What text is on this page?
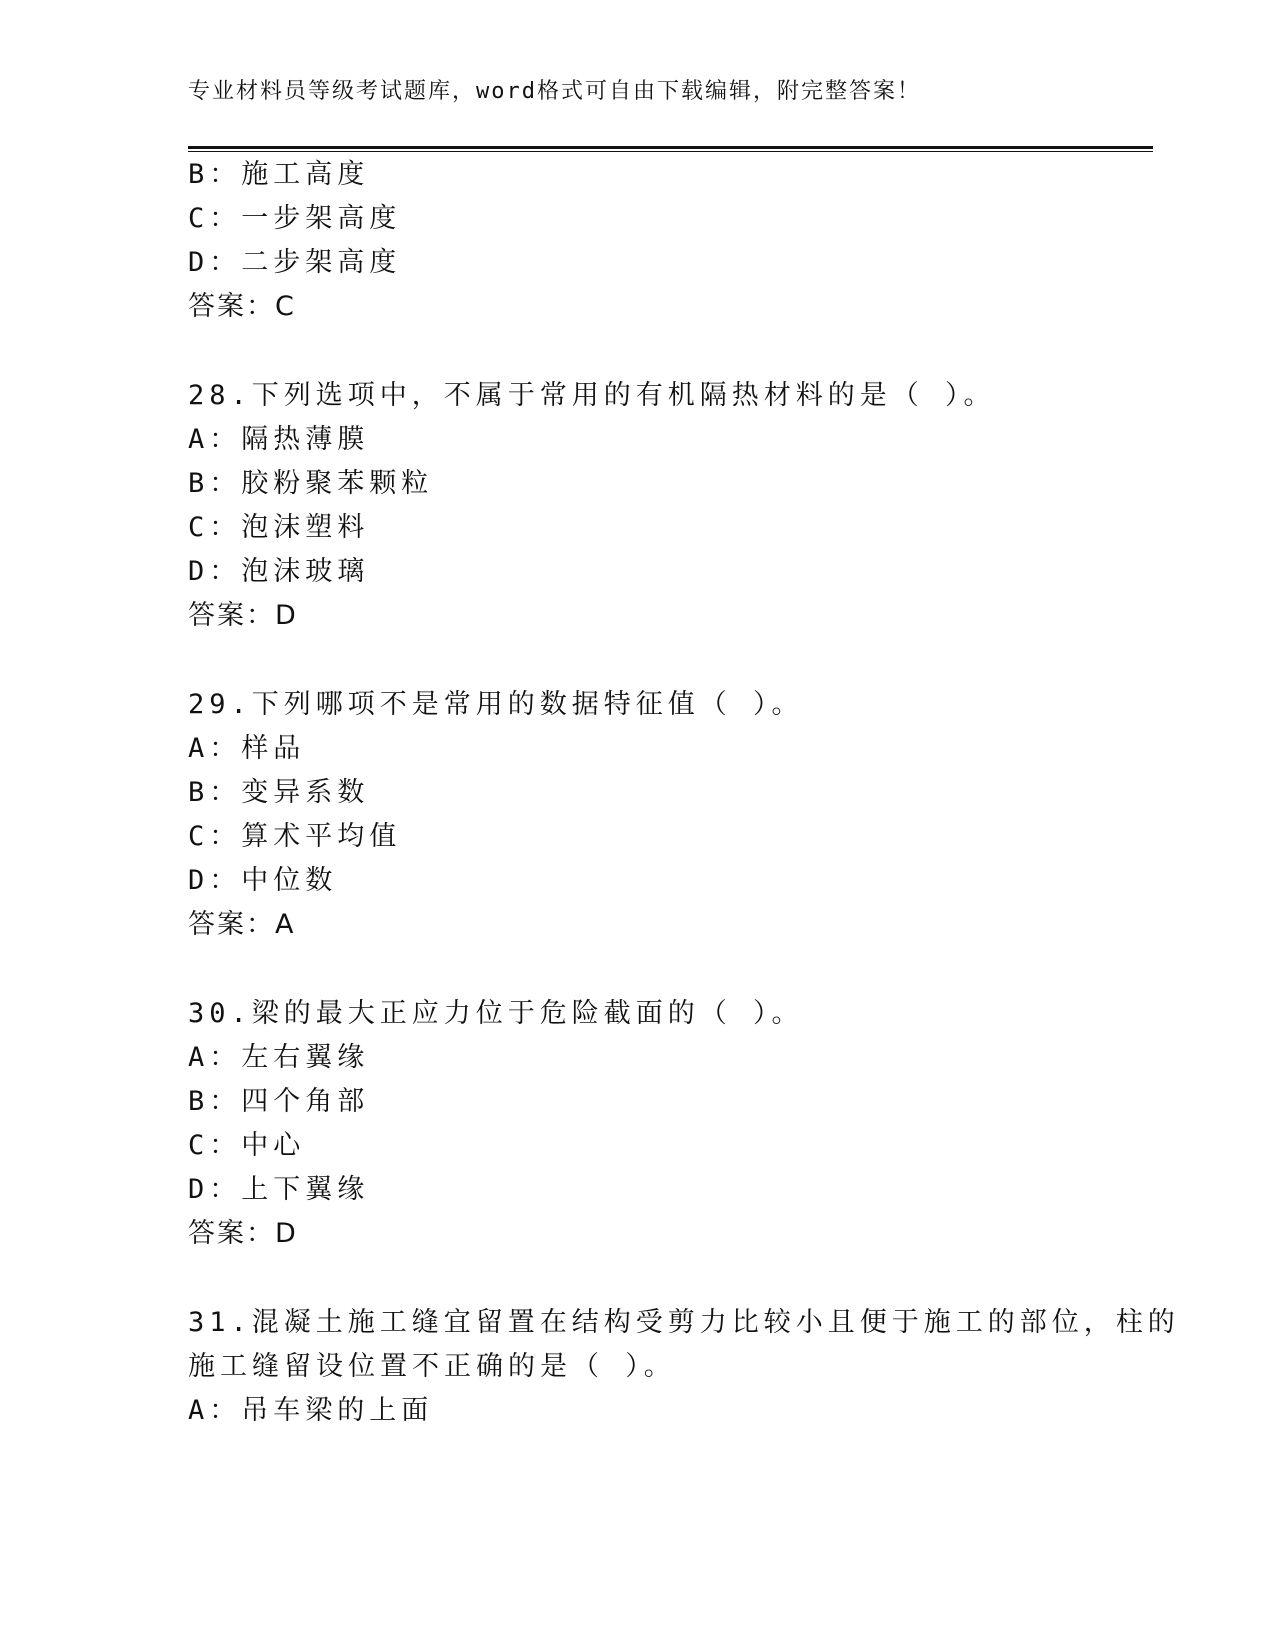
专业材料员等级考试题库，word格式可自由下载编辑，附完整答案！
B：施工高度
C：一步架高度
D：二步架高度
答案：C
28.下列选项中，不属于常用的有机隔热材料的是（ ）。
A：隔热薄膜
B：胶粉聚苯颗粒
C：泡沫塑料
D：泡沫玻璃
答案：D
29.下列哪项不是常用的数据特征值（ ）。
A：样品
B：变异系数
C：算术平均值
D：中位数
答案：A
30.梁的最大正应力位于危险截面的（ ）。
A：左右翼缘
B：四个角部
C：中心
D：上下翼缘
答案：D
31.混凝土施工缝宜留置在结构受剪力比较小且便于施工的部位，柱的
施工缝留设位置不正确的是（ ）。
A：吊车梁的上面
